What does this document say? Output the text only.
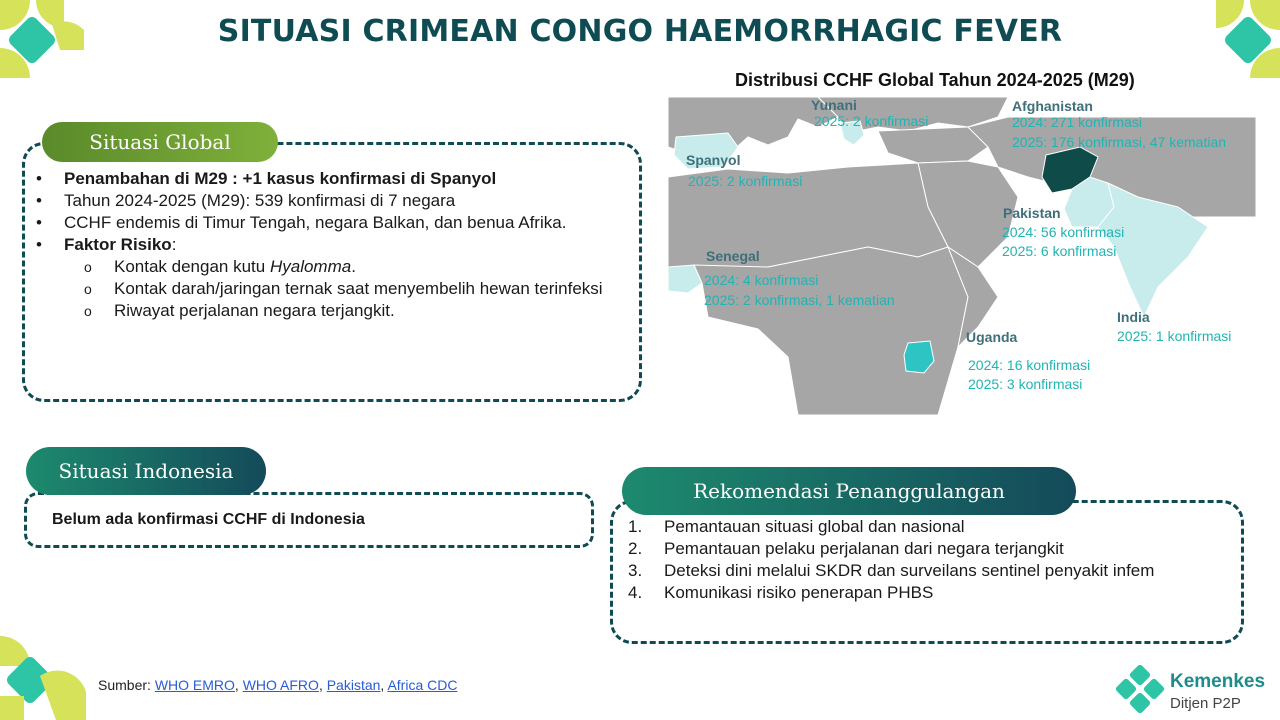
SITUASI CRIMEAN CONGO HAEMORRHAGIC FEVER
Situasi Global
•	Penambahan di M29 : +1 kasus konfirmasi di Spanyol
•	Tahun 2024-2025 (M29): 539 konfirmasi di 7 negara
•	CCHF endemis di Timur Tengah, negara Balkan, dan benua Afrika.
•	Faktor Risiko:
o	Kontak dengan kutu Hyalomma.
o	Kontak darah/jaringan ternak saat menyembelih hewan terinfeksi
o	Riwayat perjalanan negara terjangkit.
Situasi Indonesia
Belum ada konfirmasi CCHF di Indonesia
Rekomendasi Penanggulangan
1.	Pemantauan situasi global dan nasional
2.	Pemantauan pelaku perjalanan dari negara terjangkit
3.	Deteksi dini melalui SKDR dan surveilans sentinel penyakit infem
4.	Komunikasi risiko penerapan PHBS
Distribusi CCHF Global Tahun 2024-2025 (M29)
Yunani
2025: 2 konfirmasi
Afghanistan
2024: 271 konfirmasi
2025: 176 konfirmasi, 47 kematian
Spanyol
2025: 2 konfirmasi
Pakistan
2024: 56 konfirmasi
2025: 6 konfirmasi
Senegal
2024: 4 konfirmasi
2025: 2 konfirmasi, 1 kematian
India
2025: 1 konfirmasi
Uganda
2024: 16 konfirmasi
2025: 3 konfirmasi
Sumber: WHO EMRO, WHO AFRO, Pakistan, Africa CDC	Kemenkes
Ditjen P2P
